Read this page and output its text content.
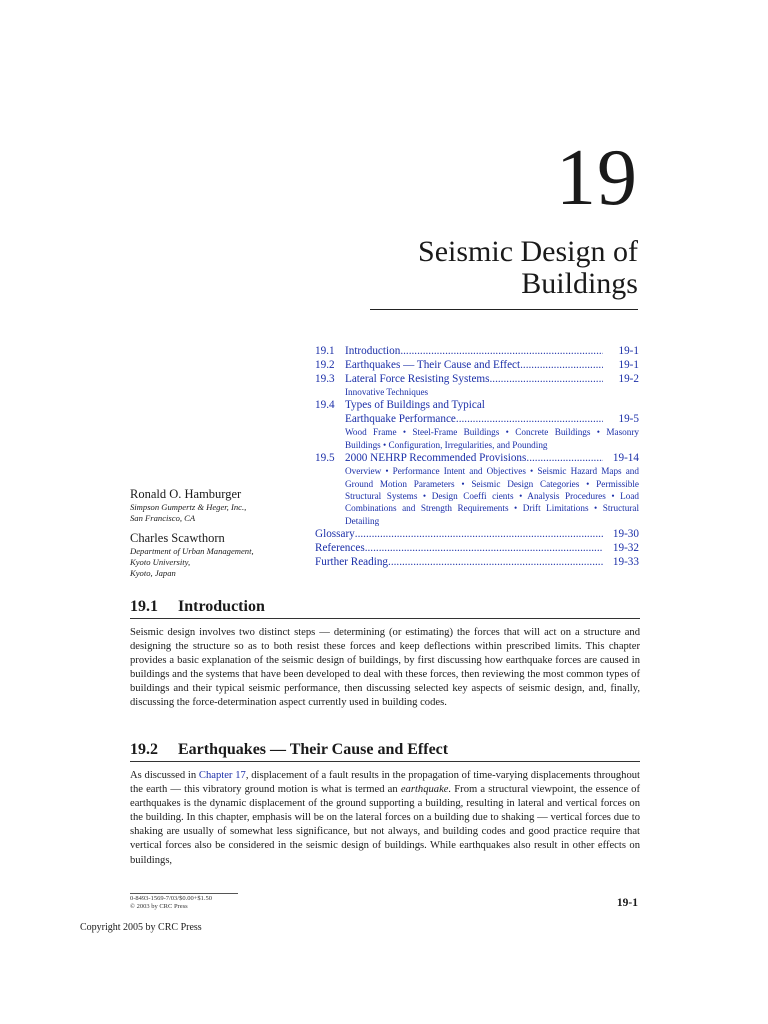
19
Seismic Design of
Buildings
19.1 Introduction .....	19-1
19.2 Earthquakes — Their Cause and Effect .....	19-1
19.3 Lateral Force Resisting Systems .....	19-2
Innovative Techniques
19.4 Types of Buildings and Typical
Earthquake Performance .....	19-5
Wood Frame • Steel-Frame Buildings • Concrete Buildings • Masonry Buildings • Configuration, Irregularities, and Pounding
19.5 2000 NEHRP Recommended Provisions .....	19-14
Overview • Performance Intent and Objectives • Seismic Hazard Maps and Ground Motion Parameters • Seismic Design Categories • Permissible Structural Systems • Design Coeffi cients • Analysis Procedures • Load Combinations and Strength Requirements • Drift Limitations • Structural Detailing
Glossary .....	19-30
References .....	19-32
Further Reading .....	19-33
Ronald O. Hamburger
Simpson Gumpertz & Heger, Inc.,
San Francisco, CA
Charles Scawthorn
Department of Urban Management,
Kyoto University,
Kyoto, Japan
19.1 Introduction
Seismic design involves two distinct steps — determining (or estimating) the forces that will act on a structure and designing the structure so as to both resist these forces and keep deflections within prescribed limits. This chapter provides a basic explanation of the seismic design of buildings, by first discussing how earthquake forces are caused in buildings and the systems that have been developed to deal with these forces, then reviewing the most common types of buildings and their typical seismic performance, then discussing selected key aspects of seismic design, and, finally, discussing the force-determination aspect currently used in building codes.
19.2 Earthquakes — Their Cause and Effect
As discussed in Chapter 17, displacement of a fault results in the propagation of time-varying displacements throughout the earth — this vibratory ground motion is what is termed an earthquake. From a structural viewpoint, the essence of earthquakes is the dynamic displacement of the ground supporting a building, resulting in lateral and vertical forces on the building. In this chapter, emphasis will be on the lateral forces on a building due to shaking — vertical forces due to shaking are usually of somewhat less significance, but not always, and building codes and good practice require that vertical forces also be considered in the seismic design of buildings. While earthquakes also result in other effects on buildings,
0-8493-1569-7/03/$0.00+$1.50
© 2003 by CRC Press	19-1
Copyright 2005 by CRC Press
